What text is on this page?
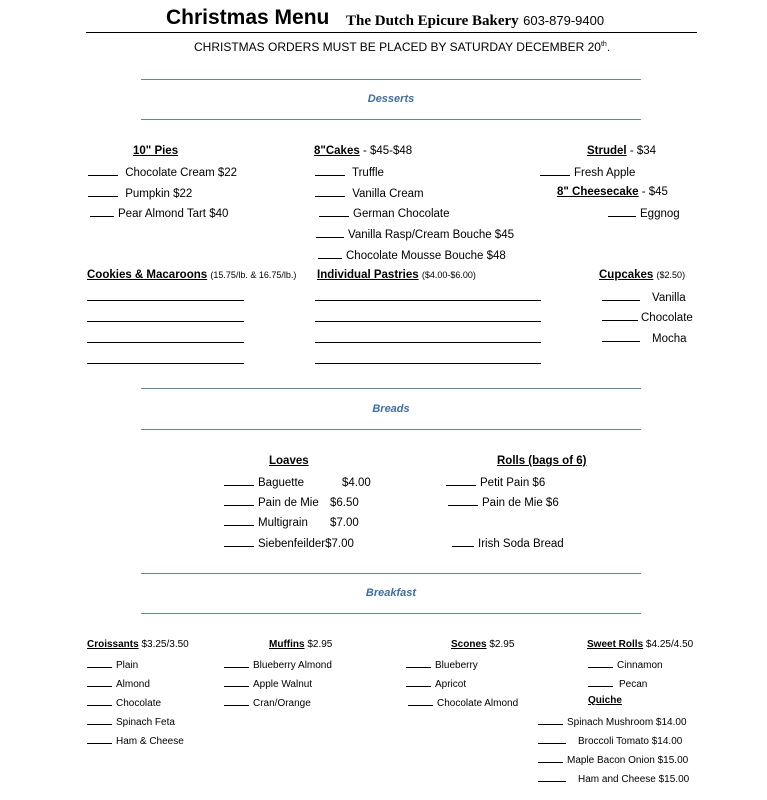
Christmas Menu The Dutch Epicure Bakery 603-879-9400
CHRISTMAS ORDERS MUST BE PLACED BY SATURDAY DECEMBER 20th.
Desserts
10" Pies
Chocolate Cream $22
Pumpkin $22
Pear Almond Tart $40
8"Cakes - $45-$48
Truffle
Vanilla Cream
German Chocolate
Vanilla Rasp/Cream Bouche $45
Chocolate Mousse Bouche $48
Strudel - $34
Fresh Apple
8" Cheesecake - $45
Eggnog
Cookies & Macaroons (15.75/lb. & 16.75/lb.) Individual Pastries ($4.00-$6.00)	Cupcakes ($2.50)
Vanilla
Chocolate
Mocha
Breads
Loaves
Baguette	$4.00
Pain de Mie $6.50
Multigrain $7.00
Siebenfeilder$7.00
Rolls (bags of 6)
Petit Pain $6
Pain de Mie $6
Irish Soda Bread
Breakfast
Croissants $3.25/3.50
Plain
Almond
Chocolate
Spinach Feta
Ham & Cheese
Muffins $2.95
Blueberry Almond
Apple Walnut
Cran/Orange
Scones $2.95
Blueberry
Apricot
Chocolate Almond
Sweet Rolls $4.25/4.50
Cinnamon
Pecan
Quiche
Spinach Mushroom $14.00
Broccoli Tomato $14.00
Maple Bacon Onion $15.00
Ham and Cheese $15.00
